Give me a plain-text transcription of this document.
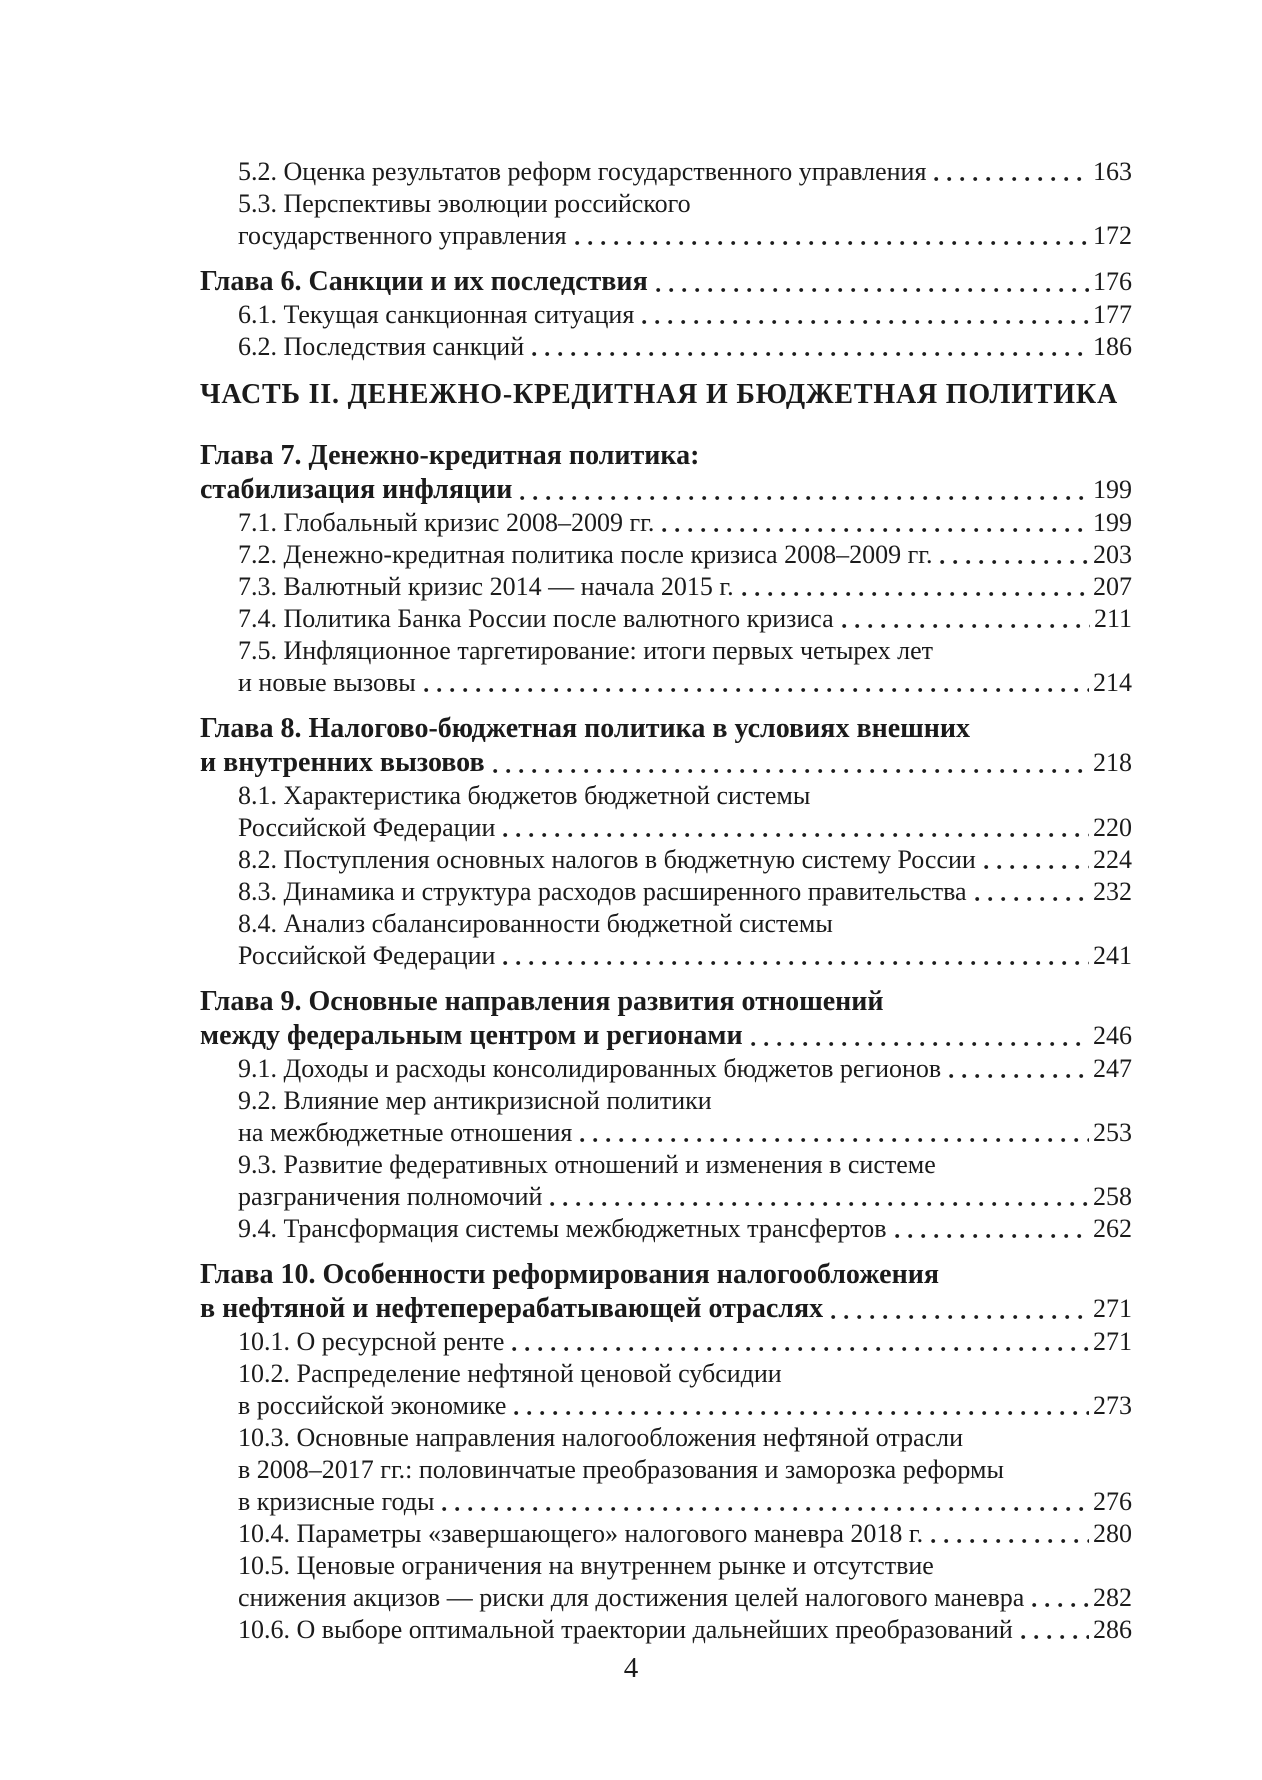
5.2. Оценка результатов реформ государственного управления	163
5.3. Перспективы эволюции российского
государственного управления	172
Глава 6. Санкции и их последствия	176
6.1. Текущая санкционная ситуация	177
6.2. Последствия санкций	186
ЧАСТЬ II. ДЕНЕЖНО-КРЕДИТНАЯ И БЮДЖЕТНАЯ ПОЛИТИКА
Глава 7. Денежно-кредитная политика:
стабилизация инфляции	199
7.1. Глобальный кризис 2008–2009 гг.	199
7.2. Денежно-кредитная политика после кризиса 2008–2009 гг.	203
7.3. Валютный кризис 2014 — начала 2015 г.	207
7.4. Политика Банка России после валютного кризиса	211
7.5. Инфляционное таргетирование: итоги первых четырех лет
и новые вызовы	214
Глава 8. Налогово-бюджетная политика в условиях внешних
и внутренних вызовов	218
8.1. Характеристика бюджетов бюджетной системы
Российской Федерации	220
8.2. Поступления основных налогов в бюджетную систему России	224
8.3. Динамика и структура расходов расширенного правительства	232
8.4. Анализ сбалансированности бюджетной системы
Российской Федерации	241
Глава 9. Основные направления развития отношений
между федеральным центром и регионами	246
9.1. Доходы и расходы консолидированных бюджетов регионов	247
9.2. Влияние мер антикризисной политики
на межбюджетные отношения	253
9.3. Развитие федеративных отношений и изменения в системе
разграничения полномочий	258
9.4. Трансформация системы межбюджетных трансфертов	262
Глава 10. Особенности реформирования налогообложения
в нефтяной и нефтеперерабатывающей отраслях	271
10.1. О ресурсной ренте	271
10.2. Распределение нефтяной ценовой субсидии
в российской экономике	273
10.3. Основные направления налогообложения нефтяной отрасли
в 2008–2017 гг.: половинчатые преобразования и заморозка реформы
в кризисные годы	276
10.4. Параметры «завершающего» налогового маневра 2018 г.	280
10.5. Ценовые ограничения на внутреннем рынке и отсутствие
снижения акцизов — риски для достижения целей налогового маневра	282
10.6. О выборе оптимальной траектории дальнейших преобразований	286
4
